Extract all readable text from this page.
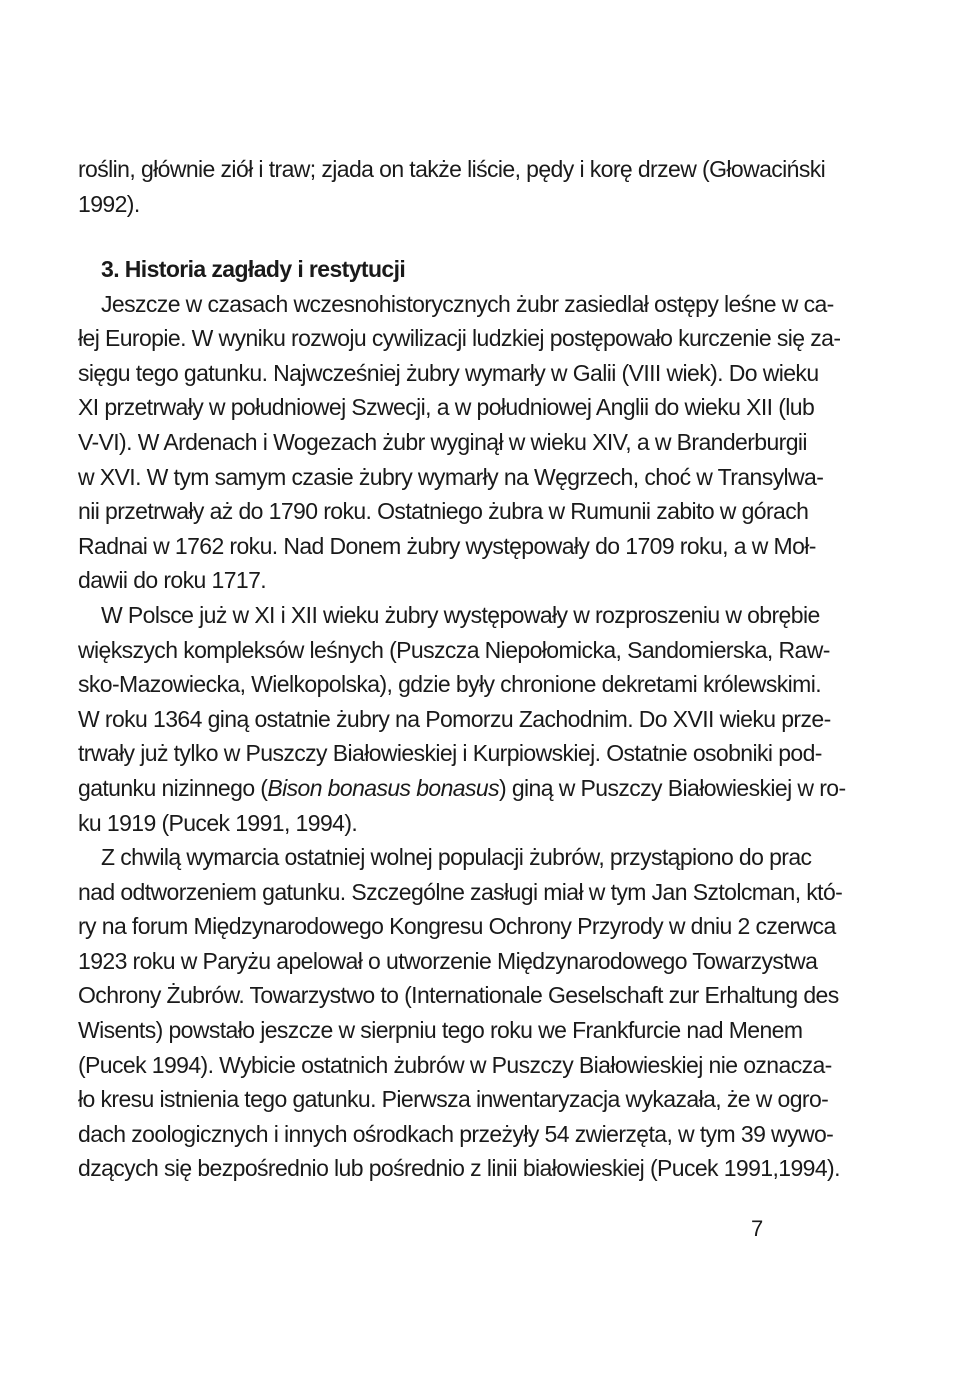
roślin, głównie ziół i traw; zjada on także liście, pędy i korę drzew (Głowaciński
1992).
3. Historia zagłady i restytucji
Jeszcze w czasach wczesnohistorycznych żubr zasiedlał ostępy leśne w ca-
łej Europie. W wyniku rozwoju cywilizacji ludzkiej postępowało kurczenie się za-
sięgu tego gatunku. Najwcześniej żubry wymarły w Galii (VIII wiek). Do wieku
XI przetrwały w południowej Szwecji, a w południowej Anglii do wieku XII (lub
V-VI). W Ardenach i Wogezach żubr wyginął w wieku XIV, a w Branderburgii
w XVI. W tym samym czasie żubry wymarły na Węgrzech, choć w Transylwa-
nii przetrwały aż do 1790 roku. Ostatniego żubra w Rumunii zabito w górach
Radnai w 1762 roku. Nad Donem żubry występowały do 1709 roku, a w Moł-
dawii do roku 1717.
W Polsce już w XI i XII wieku żubry występowały w rozproszeniu w obrębie
większych kompleksów leśnych (Puszcza Niepołomicka, Sandomierska, Raw-
sko-Mazowiecka, Wielkopolska), gdzie były chronione dekretami królewskimi.
W roku 1364 giną ostatnie żubry na Pomorzu Zachodnim. Do XVII wieku prze-
trwały już tylko w Puszczy Białowieskiej i Kurpiowskiej. Ostatnie osobniki pod-
gatunku nizinnego (Bison bonasus bonasus) giną w Puszczy Białowieskiej w ro-
ku 1919 (Pucek 1991, 1994).
Z chwilą wymarcia ostatniej wolnej populacji żubrów, przystąpiono do prac
nad odtworzeniem gatunku. Szczególne zasługi miał w tym Jan Sztolcman, któ-
ry na forum Międzynarodowego Kongresu Ochrony Przyrody w dniu 2 czerwca
1923 roku w Paryżu apelował o utworzenie Międzynarodowego Towarzystwa
Ochrony Żubrów. Towarzystwo to (Internationale Geselschaft zur Erhaltung des
Wisents) powstało jeszcze w sierpniu tego roku we Frankfurcie nad Menem
(Pucek 1994). Wybicie ostatnich żubrów w Puszczy Białowieskiej nie oznacza-
ło kresu istnienia tego gatunku. Pierwsza inwentaryzacja wykazała, że w ogro-
dach zoologicznych i innych ośrodkach przeżyły 54 zwierzęta, w tym 39 wywo-
dzących się bezpośrednio lub pośrednio z linii białowieskiej (Pucek 1991,1994).
7
